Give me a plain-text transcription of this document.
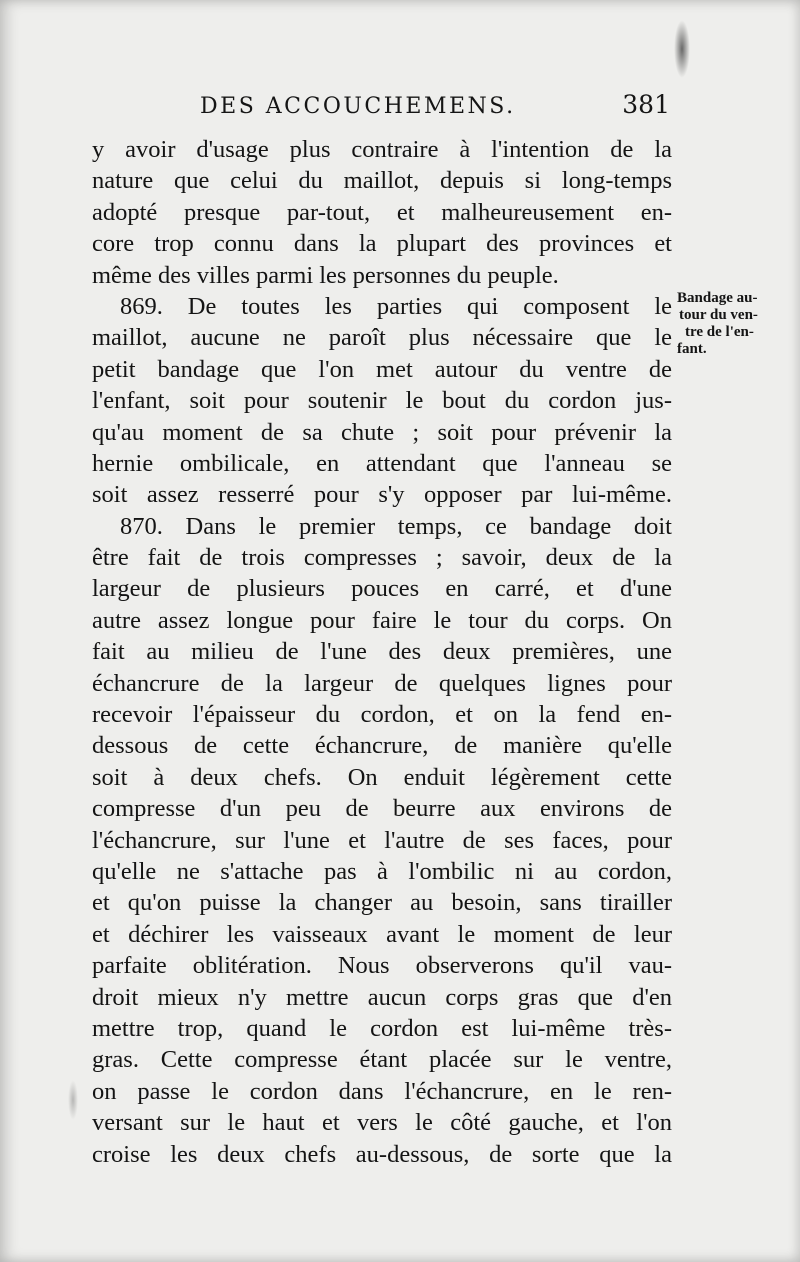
DES ACCOUCHEMENS.	381
y avoir d'usage plus contraire à l'intention de la
nature que celui du maillot, depuis si long-temps
adopté presque par-tout, et malheureusement en-
core trop connu dans la plupart des provinces et
même des villes parmi les personnes du peuple.
869. De toutes les parties qui composent le
maillot, aucune ne paroît plus nécessaire que le
petit bandage que l'on met autour du ventre de
l'enfant, soit pour soutenir le bout du cordon jus-
qu'au moment de sa chute ; soit pour prévenir la
hernie ombilicale, en attendant que l'anneau se
soit assez resserré pour s'y opposer par lui-même.
870. Dans le premier temps, ce bandage doit
être fait de trois compresses ; savoir, deux de la
largeur de plusieurs pouces en carré, et d'une
autre assez longue pour faire le tour du corps. On
fait au milieu de l'une des deux premières, une
échancrure de la largeur de quelques lignes pour
recevoir l'épaisseur du cordon, et on la fend en-
dessous de cette échancrure, de manière qu'elle
soit à deux chefs. On enduit légèrement cette
compresse d'un peu de beurre aux environs de
l'échancrure, sur l'une et l'autre de ses faces, pour
qu'elle ne s'attache pas à l'ombilic ni au cordon,
et qu'on puisse la changer au besoin, sans tirailler
et déchirer les vaisseaux avant le moment de leur
parfaite oblitération. Nous observerons qu'il vau-
droit mieux n'y mettre aucun corps gras que d'en
mettre trop, quand le cordon est lui-même très-
gras. Cette compresse étant placée sur le ventre,
on passe le cordon dans l'échancrure, en le ren-
versant sur le haut et vers le côté gauche, et l'on
croise les deux chefs au-dessous, de sorte que la
Bandage au-
tour du ven-
tre de l'en-
fant.
